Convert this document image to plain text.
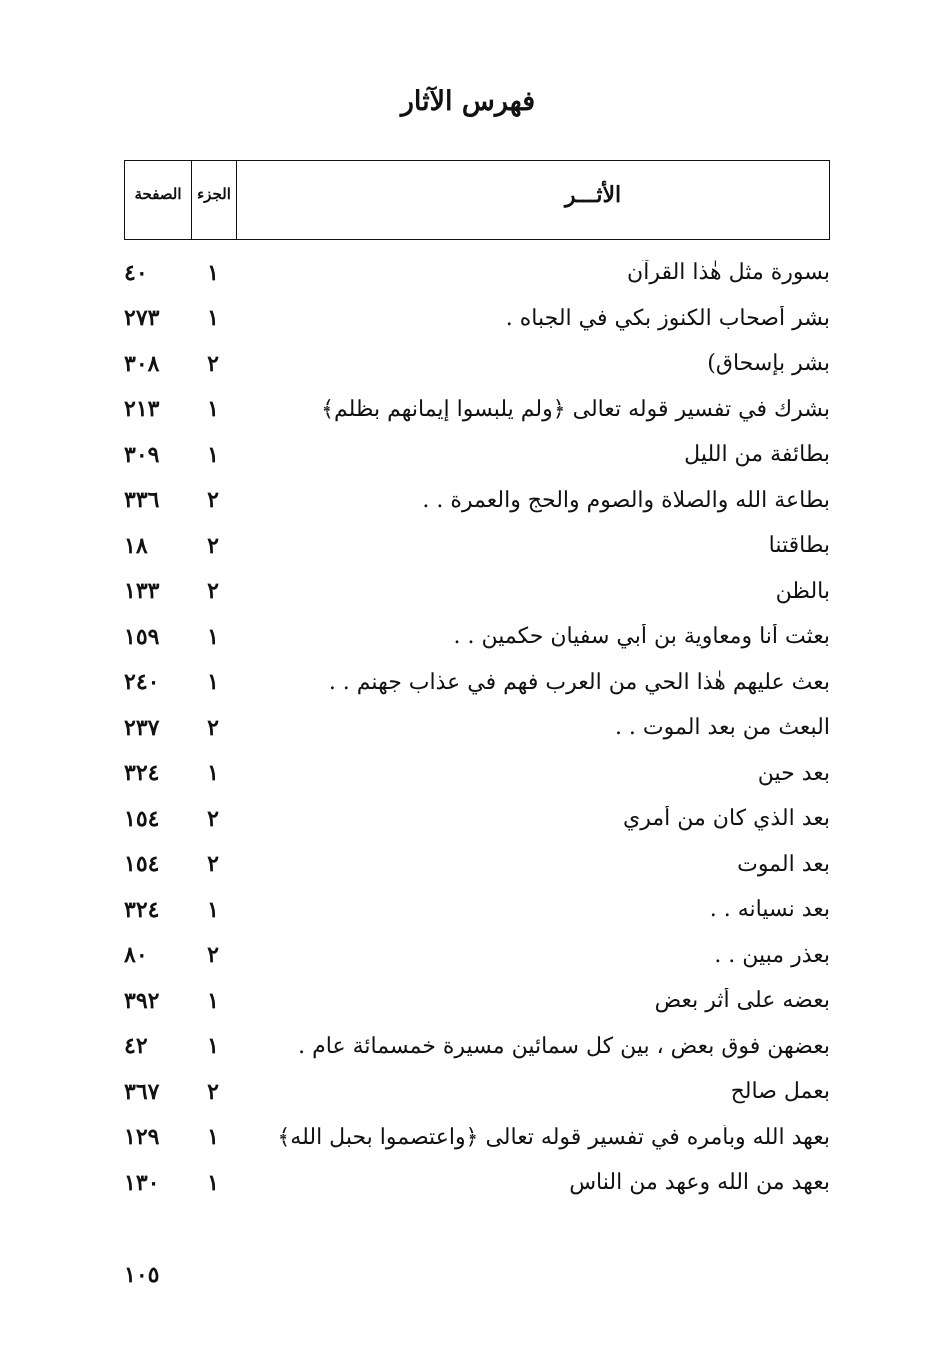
فهرس الآثار
الأثـــر
الجزء
الصفحة
بسورة مثل هٰذا القرآن
١
٤٠
بشر أصحاب الكنوز بكي في الجباه .
١
٢٧٣
بشر بإسحاق)
٢
٣٠٨
بشرك في تفسير قوله تعالى ﴿ولم يلبسوا إيمانهم بظلم﴾
١
٢١٣
بطائفة من الليل
١
٣٠٩
بطاعة الله والصلاة والصوم والحج والعمرة . .
٢
٣٣٦
بطاقتنا
٢
١٨
بالظن
٢
١٣٣
بعثت أنا ومعاوية بن أبي سفيان حكمين . .
١
١٥٩
بعث عليهم هٰذا الحي من العرب فهم في عذاب جهنم . .
١
٢٤٠
البعث من بعد الموت . .
٢
٢٣٧
بعد حين
١
٣٢٤
بعد الذي كان من أمري
٢
١٥٤
بعد الموت
٢
١٥٤
بعد نسيانه . .
١
٣٢٤
بعذر مبين . .
٢
٨٠
بعضه على أثر بعض
١
٣٩٢
بعضهن فوق بعض ، بين كل سمائين مسيرة خمسمائة عام .
١
٤٢
بعمل صالح
٢
٣٦٧
بعهد الله وبأمره في تفسير قوله تعالى ﴿واعتصموا بحبل الله﴾
١
١٢٩
بعهد من الله وعهد من الناس
١
١٣٠
١٠٥
